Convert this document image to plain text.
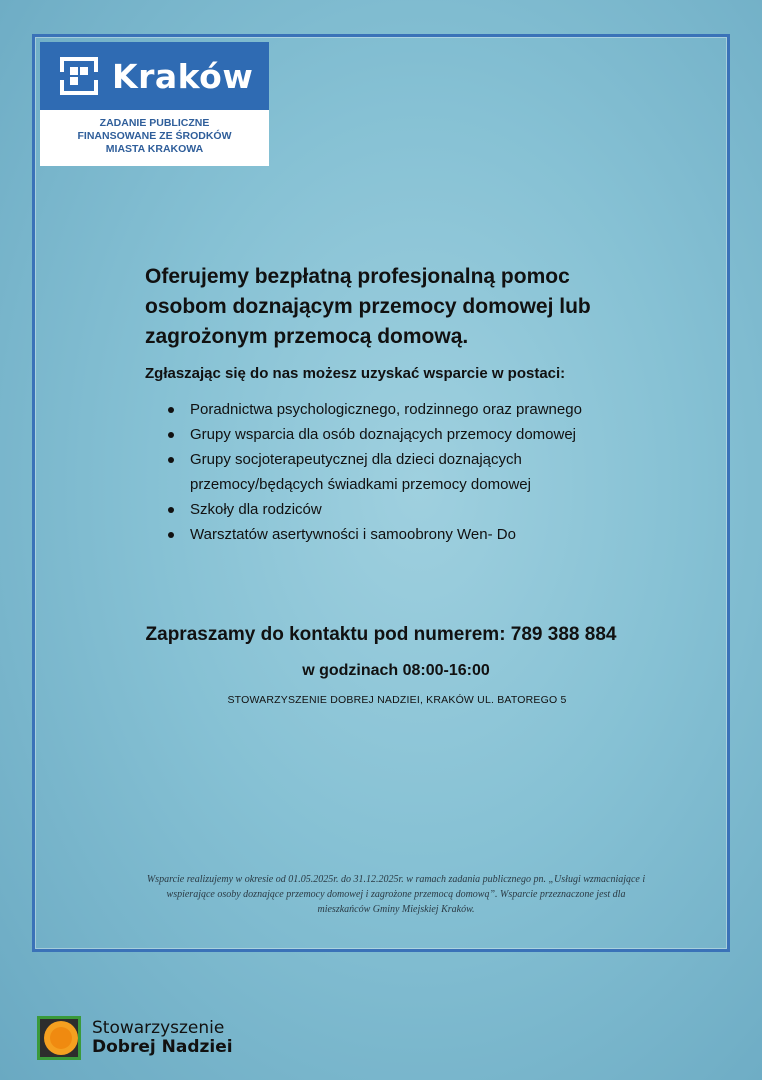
Kraków
ZADANIE PUBLICZNE
FINANSOWANE ZE ŚRODKÓW
MIASTA KRAKOWA
Oferujemy bezpłatną profesjonalną pomoc osobom doznającym przemocy domowej lub zagrożonym przemocą domową.

Zgłaszając się do nas możesz uzyskać wsparcie w postaci:

Poradnictwa psychologicznego, rodzinnego oraz prawnego
Grupy wsparcia dla osób doznających przemocy domowej
Grupy socjoterapeutycznej dla dzieci doznających przemocy/będących świadkami przemocy domowej
Szkoły dla rodziców
Warsztatów asertywności i samoobrony Wen- Do

Zapraszamy do kontaktu pod numerem: 789 388 884

w godzinach 08:00-16:00

STOWARZYSZENIE DOBREJ NADZIEI, KRAKÓW UL. BATOREGO 5

Wsparcie realizujemy w okresie od 01.05.2025r. do 31.12.2025r. w ramach zadania publicznego pn. „Usługi wzmacniające i wspierające osoby doznające przemocy domowej i zagrożone przemocą domową”. Wsparcie przeznaczone jest dla mieszkańców Gminy Miejskiej Kraków.

Stowarzyszenie
Dobrej Nadziei
